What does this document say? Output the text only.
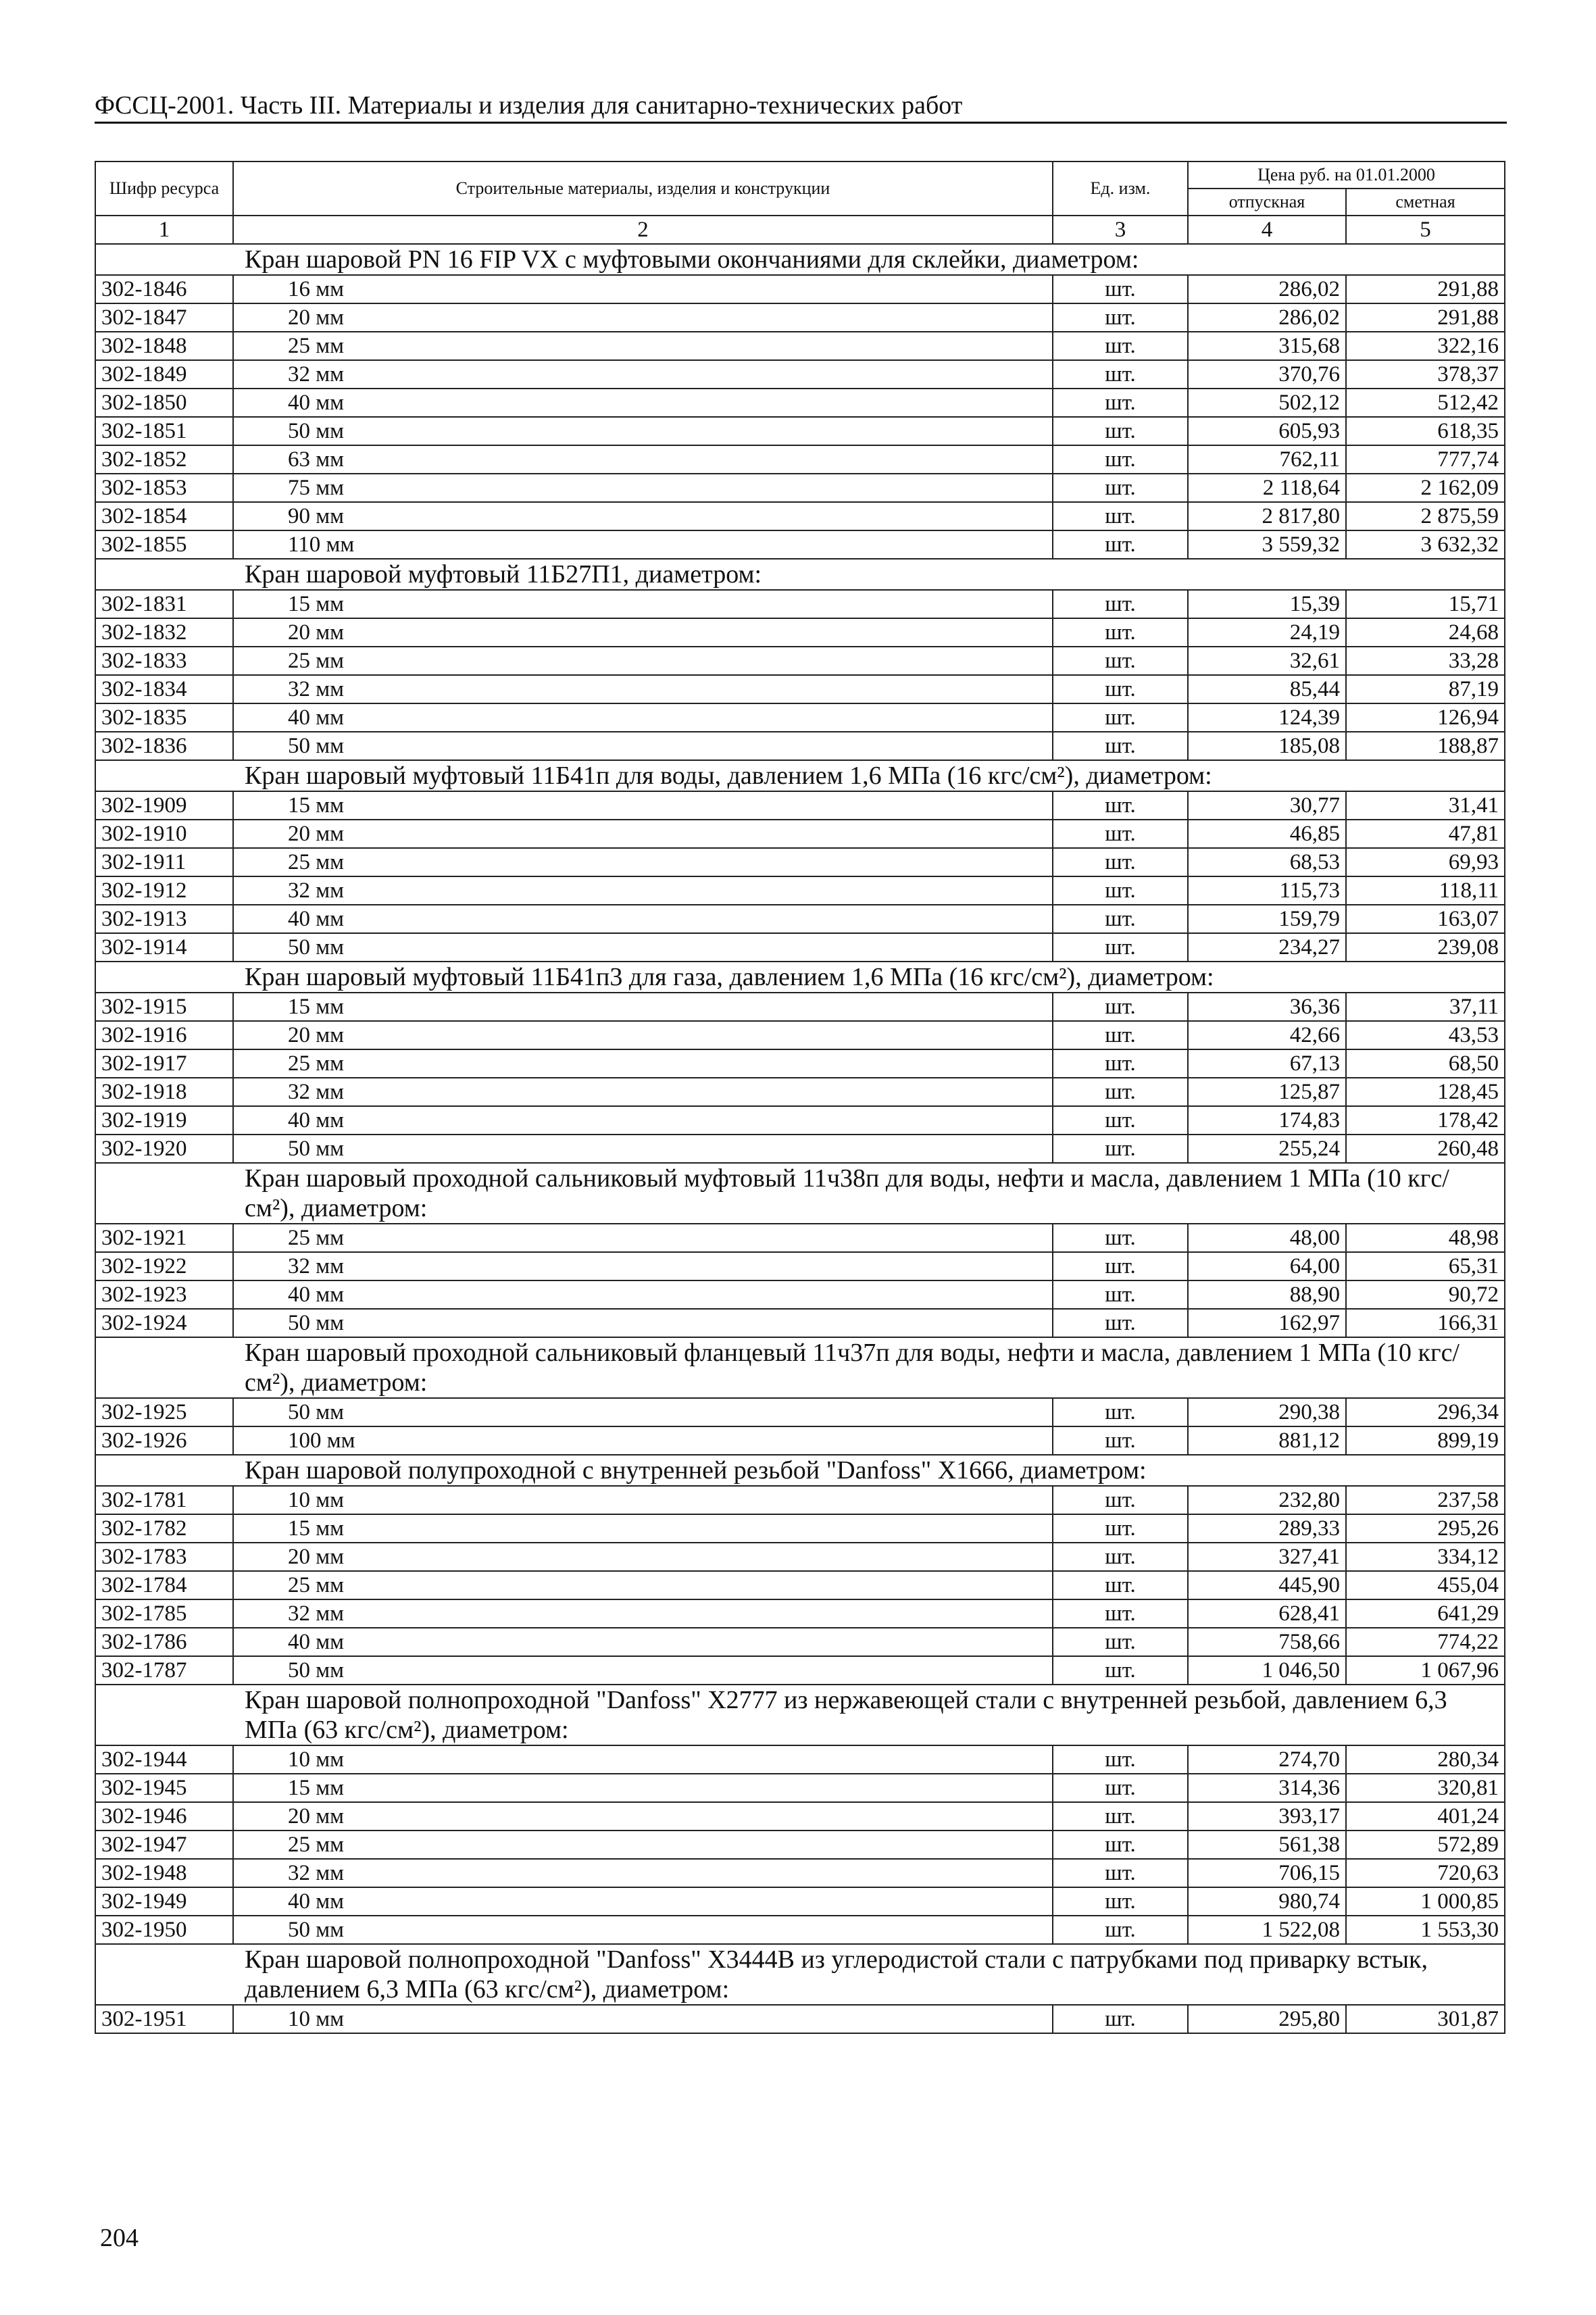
ФССЦ-2001. Часть III. Материалы и изделия для санитарно-технических работ
Шифр ресурса	Строительные материалы, изделия и конструкции	Ед. изм.	Цена руб. на 01.01.2000	
			отпускная	сметная
1	2	3	4	5
Кран шаровой PN 16 FIP VX с муфтовыми окончаниями для склейки, диаметром:				
302-1846	16 мм	шт.	286,02	291,88
302-1847	20 мм	шт.	286,02	291,88
302-1848	25 мм	шт.	315,68	322,16
302-1849	32 мм	шт.	370,76	378,37
302-1850	40 мм	шт.	502,12	512,42
302-1851	50 мм	шт.	605,93	618,35
302-1852	63 мм	шт.	762,11	777,74
302-1853	75 мм	шт.	2 118,64	2 162,09
302-1854	90 мм	шт.	2 817,80	2 875,59
302-1855	110 мм	шт.	3 559,32	3 632,32
Кран шаровой муфтовый 11Б27П1, диаметром:				
302-1831	15 мм	шт.	15,39	15,71
302-1832	20 мм	шт.	24,19	24,68
302-1833	25 мм	шт.	32,61	33,28
302-1834	32 мм	шт.	85,44	87,19
302-1835	40 мм	шт.	124,39	126,94
302-1836	50 мм	шт.	185,08	188,87
Кран шаровый муфтовый 11Б41п для воды, давлением 1,6 МПа (16 кгс/см²), диаметром:				
302-1909	15 мм	шт.	30,77	31,41
302-1910	20 мм	шт.	46,85	47,81
302-1911	25 мм	шт.	68,53	69,93
302-1912	32 мм	шт.	115,73	118,11
302-1913	40 мм	шт.	159,79	163,07
302-1914	50 мм	шт.	234,27	239,08
Кран шаровый муфтовый 11Б41п3 для газа, давлением 1,6 МПа (16 кгс/см²), диаметром:				
302-1915	15 мм	шт.	36,36	37,11
302-1916	20 мм	шт.	42,66	43,53
302-1917	25 мм	шт.	67,13	68,50
302-1918	32 мм	шт.	125,87	128,45
302-1919	40 мм	шт.	174,83	178,42
302-1920	50 мм	шт.	255,24	260,48
Кран шаровый проходной сальниковый муфтовый 11ч38п для воды, нефти и масла, давлением 1 МПа (10 кгс/см²), диаметром:				
302-1921	25 мм	шт.	48,00	48,98
302-1922	32 мм	шт.	64,00	65,31
302-1923	40 мм	шт.	88,90	90,72
302-1924	50 мм	шт.	162,97	166,31
Кран шаровый проходной сальниковый фланцевый 11ч37п для воды, нефти и масла, давлением 1 МПа (10 кгс/см²), диаметром:				
302-1925	50 мм	шт.	290,38	296,34
302-1926	100 мм	шт.	881,12	899,19
Кран шаровой полупроходной с внутренней резьбой "Danfoss" X1666, диаметром:				
302-1781	10 мм	шт.	232,80	237,58
302-1782	15 мм	шт.	289,33	295,26
302-1783	20 мм	шт.	327,41	334,12
302-1784	25 мм	шт.	445,90	455,04
302-1785	32 мм	шт.	628,41	641,29
302-1786	40 мм	шт.	758,66	774,22
302-1787	50 мм	шт.	1 046,50	1 067,96
Кран шаровой полнопроходной "Danfoss" X2777 из нержавеющей стали с внутренней резьбой, давлением 6,3 МПа (63 кгс/см²), диаметром:				
302-1944	10 мм	шт.	274,70	280,34
302-1945	15 мм	шт.	314,36	320,81
302-1946	20 мм	шт.	393,17	401,24
302-1947	25 мм	шт.	561,38	572,89
302-1948	32 мм	шт.	706,15	720,63
302-1949	40 мм	шт.	980,74	1 000,85
302-1950	50 мм	шт.	1 522,08	1 553,30
Кран шаровой полнопроходной "Danfoss" X3444B из углеродистой стали с патрубками под приварку встык, давлением 6,3 МПа (63 кгс/см²), диаметром:				
302-1951	10 мм	шт.	295,80	301,87
204
